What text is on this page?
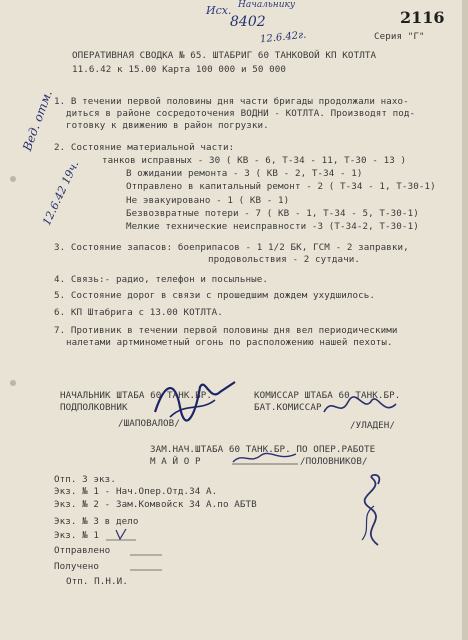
Исх. Начальнику
8402
12.6.42г.
2116
Серия "Г"
ОПЕРАТИВНАЯ СВОДКА № 65. ШТАБРИГ 60 ТАНКОВОЙ КП КОТЛТА
11.6.42 к 15.00 Карта 100 000 и 50 000
1. В течении первой половины дня части бригады продолжали нахо-
диться в районе сосредоточения ВОДНИ - КОТЛТА. Производят под-
готовку к движению в район погрузки.
2. Состояние материальной части:
танков исправных - 30 ( КВ - 6, Т-34 - 11, Т-30 - 13 )
В ожидании ремонта - 3 ( КВ - 2, Т-34 - 1)
Отправлено в капитальный ремонт - 2 ( Т-34 - 1, Т-30-1)
Не эвакуировано - 1 ( КВ - 1)
Безвозвратные потери - 7 ( КВ - 1, Т-34 - 5, Т-30-1)
Мелкие технические неисправности -3 (Т-34-2, Т-30-1)
Вед. отм.
12.6.42 19ч.
3. Состояние запасов: боеприпасов - 1 1/2 БК, ГСМ - 2 заправки,
продовольствия - 2 сутдачи.
4. Связь:- радио, телефон и посыльные.
5. Состояние дорог в связи с прошедшим дождем ухудшилось.
6. КП Штабрига с 13.00 КОТЛТА.
7. Противник в течении первой половины дня вел периодическими
налетами артминометный огонь по расположению нашей пехоты.
НАЧАЛЬНИК ШТАБА 60 ТАНК.БР.
ПОДПОЛКОВНИК
/ШАПОВАЛОВ/
КОМИССАР ШТАБА 60 ТАНК.БР.
БАТ.КОМИССАР
/УЛАДЕН/
ЗАМ.НАЧ.ШТАБА 60 ТАНК.БР. ПО ОПЕР.РАБОТЕ
М А Й О Р	/ПОЛОВНИКОВ/
Отп. 3 экз.
Экз. № 1 - Нач.Опер.Отд.34 А.
Экз. № 2 - Зам.Комвойск 34 А.по АБТВ
Экз. № 3 в дело
Экз. № 1
Отправлено
Получено
Отп. П.Н.И.
